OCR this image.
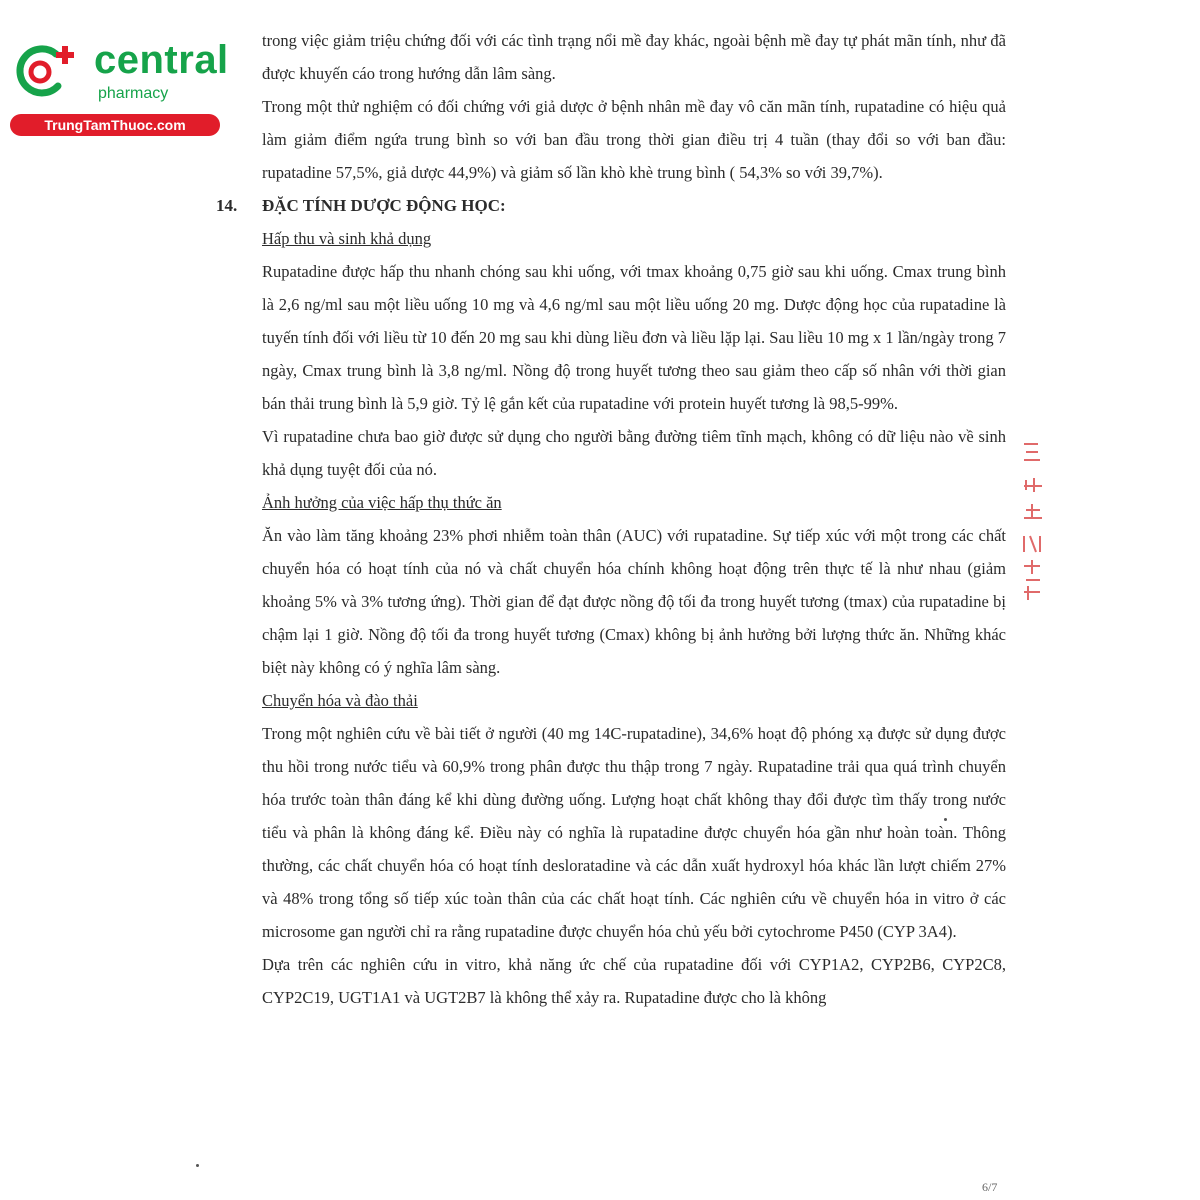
central
pharmacy
TrungTamThuoc.com

trong việc giảm triệu chứng đối với các tình trạng nổi mề đay khác, ngoài bệnh mề đay tự phát mãn tính, như đã được khuyến cáo trong hướng dẫn lâm sàng.

Trong một thử nghiệm có đối chứng với giả dược ở bệnh nhân mề đay vô căn mãn tính, rupatadine có hiệu quả làm giảm điểm ngứa trung bình so với ban đầu trong thời gian điều trị 4 tuần (thay đổi so với ban đầu: rupatadine 57,5%, giả dược 44,9%) và giảm số lần khò khè trung bình ( 54,3% so với 39,7%).

14. ĐẶC TÍNH DƯỢC ĐỘNG HỌC:

Hấp thu và sinh khả dụng

Rupatadine được hấp thu nhanh chóng sau khi uống, với tmax khoảng 0,75 giờ sau khi uống. Cmax trung bình là 2,6 ng/ml sau một liều uống 10 mg và 4,6 ng/ml sau một liều uống 20 mg. Dược động học của rupatadine là tuyến tính đối với liều từ 10 đến 20 mg sau khi dùng liều đơn và liều lặp lại. Sau liều 10 mg x 1 lần/ngày trong 7 ngày, Cmax trung bình là 3,8 ng/ml. Nồng độ trong huyết tương theo sau giảm theo cấp số nhân với thời gian bán thải trung bình là 5,9 giờ. Tỷ lệ gắn kết của rupatadine với protein huyết tương là 98,5-99%.

Vì rupatadine chưa bao giờ được sử dụng cho người bằng đường tiêm tĩnh mạch, không có dữ liệu nào về sinh khả dụng tuyệt đối của nó.

Ảnh hưởng của việc hấp thụ thức ăn

Ăn vào làm tăng khoảng 23% phơi nhiễm toàn thân (AUC) với rupatadine. Sự tiếp xúc với một trong các chất chuyển hóa có hoạt tính của nó và chất chuyển hóa chính không hoạt động trên thực tế là như nhau (giảm khoảng 5% và 3% tương ứng). Thời gian để đạt được nồng độ tối đa trong huyết tương (tmax) của rupatadine bị chậm lại 1 giờ. Nồng độ tối đa trong huyết tương (Cmax) không bị ảnh hưởng bởi lượng thức ăn. Những khác biệt này không có ý nghĩa lâm sàng.

Chuyển hóa và đào thải

Trong một nghiên cứu về bài tiết ở người (40 mg 14C-rupatadine), 34,6% hoạt độ phóng xạ được sử dụng được thu hồi trong nước tiểu và 60,9% trong phân được thu thập trong 7 ngày. Rupatadine trải qua quá trình chuyển hóa trước toàn thân đáng kể khi dùng đường uống. Lượng hoạt chất không thay đổi được tìm thấy trong nước tiểu và phân là không đáng kể. Điều này có nghĩa là rupatadine được chuyển hóa gần như hoàn toàn. Thông thường, các chất chuyển hóa có hoạt tính desloratadine và các dẫn xuất hydroxyl hóa khác lần lượt chiếm 27% và 48% trong tổng số tiếp xúc toàn thân của các chất hoạt tính. Các nghiên cứu về chuyển hóa in vitro ở các microsome gan người chỉ ra rằng rupatadine được chuyển hóa chủ yếu bởi cytochrome P450 (CYP 3A4).

Dựa trên các nghiên cứu in vitro, khả năng ức chế của rupatadine đối với CYP1A2, CYP2B6, CYP2C8, CYP2C19, UGT1A1 và UGT2B7 là không thể xảy ra. Rupatadine được cho là không

6/7
